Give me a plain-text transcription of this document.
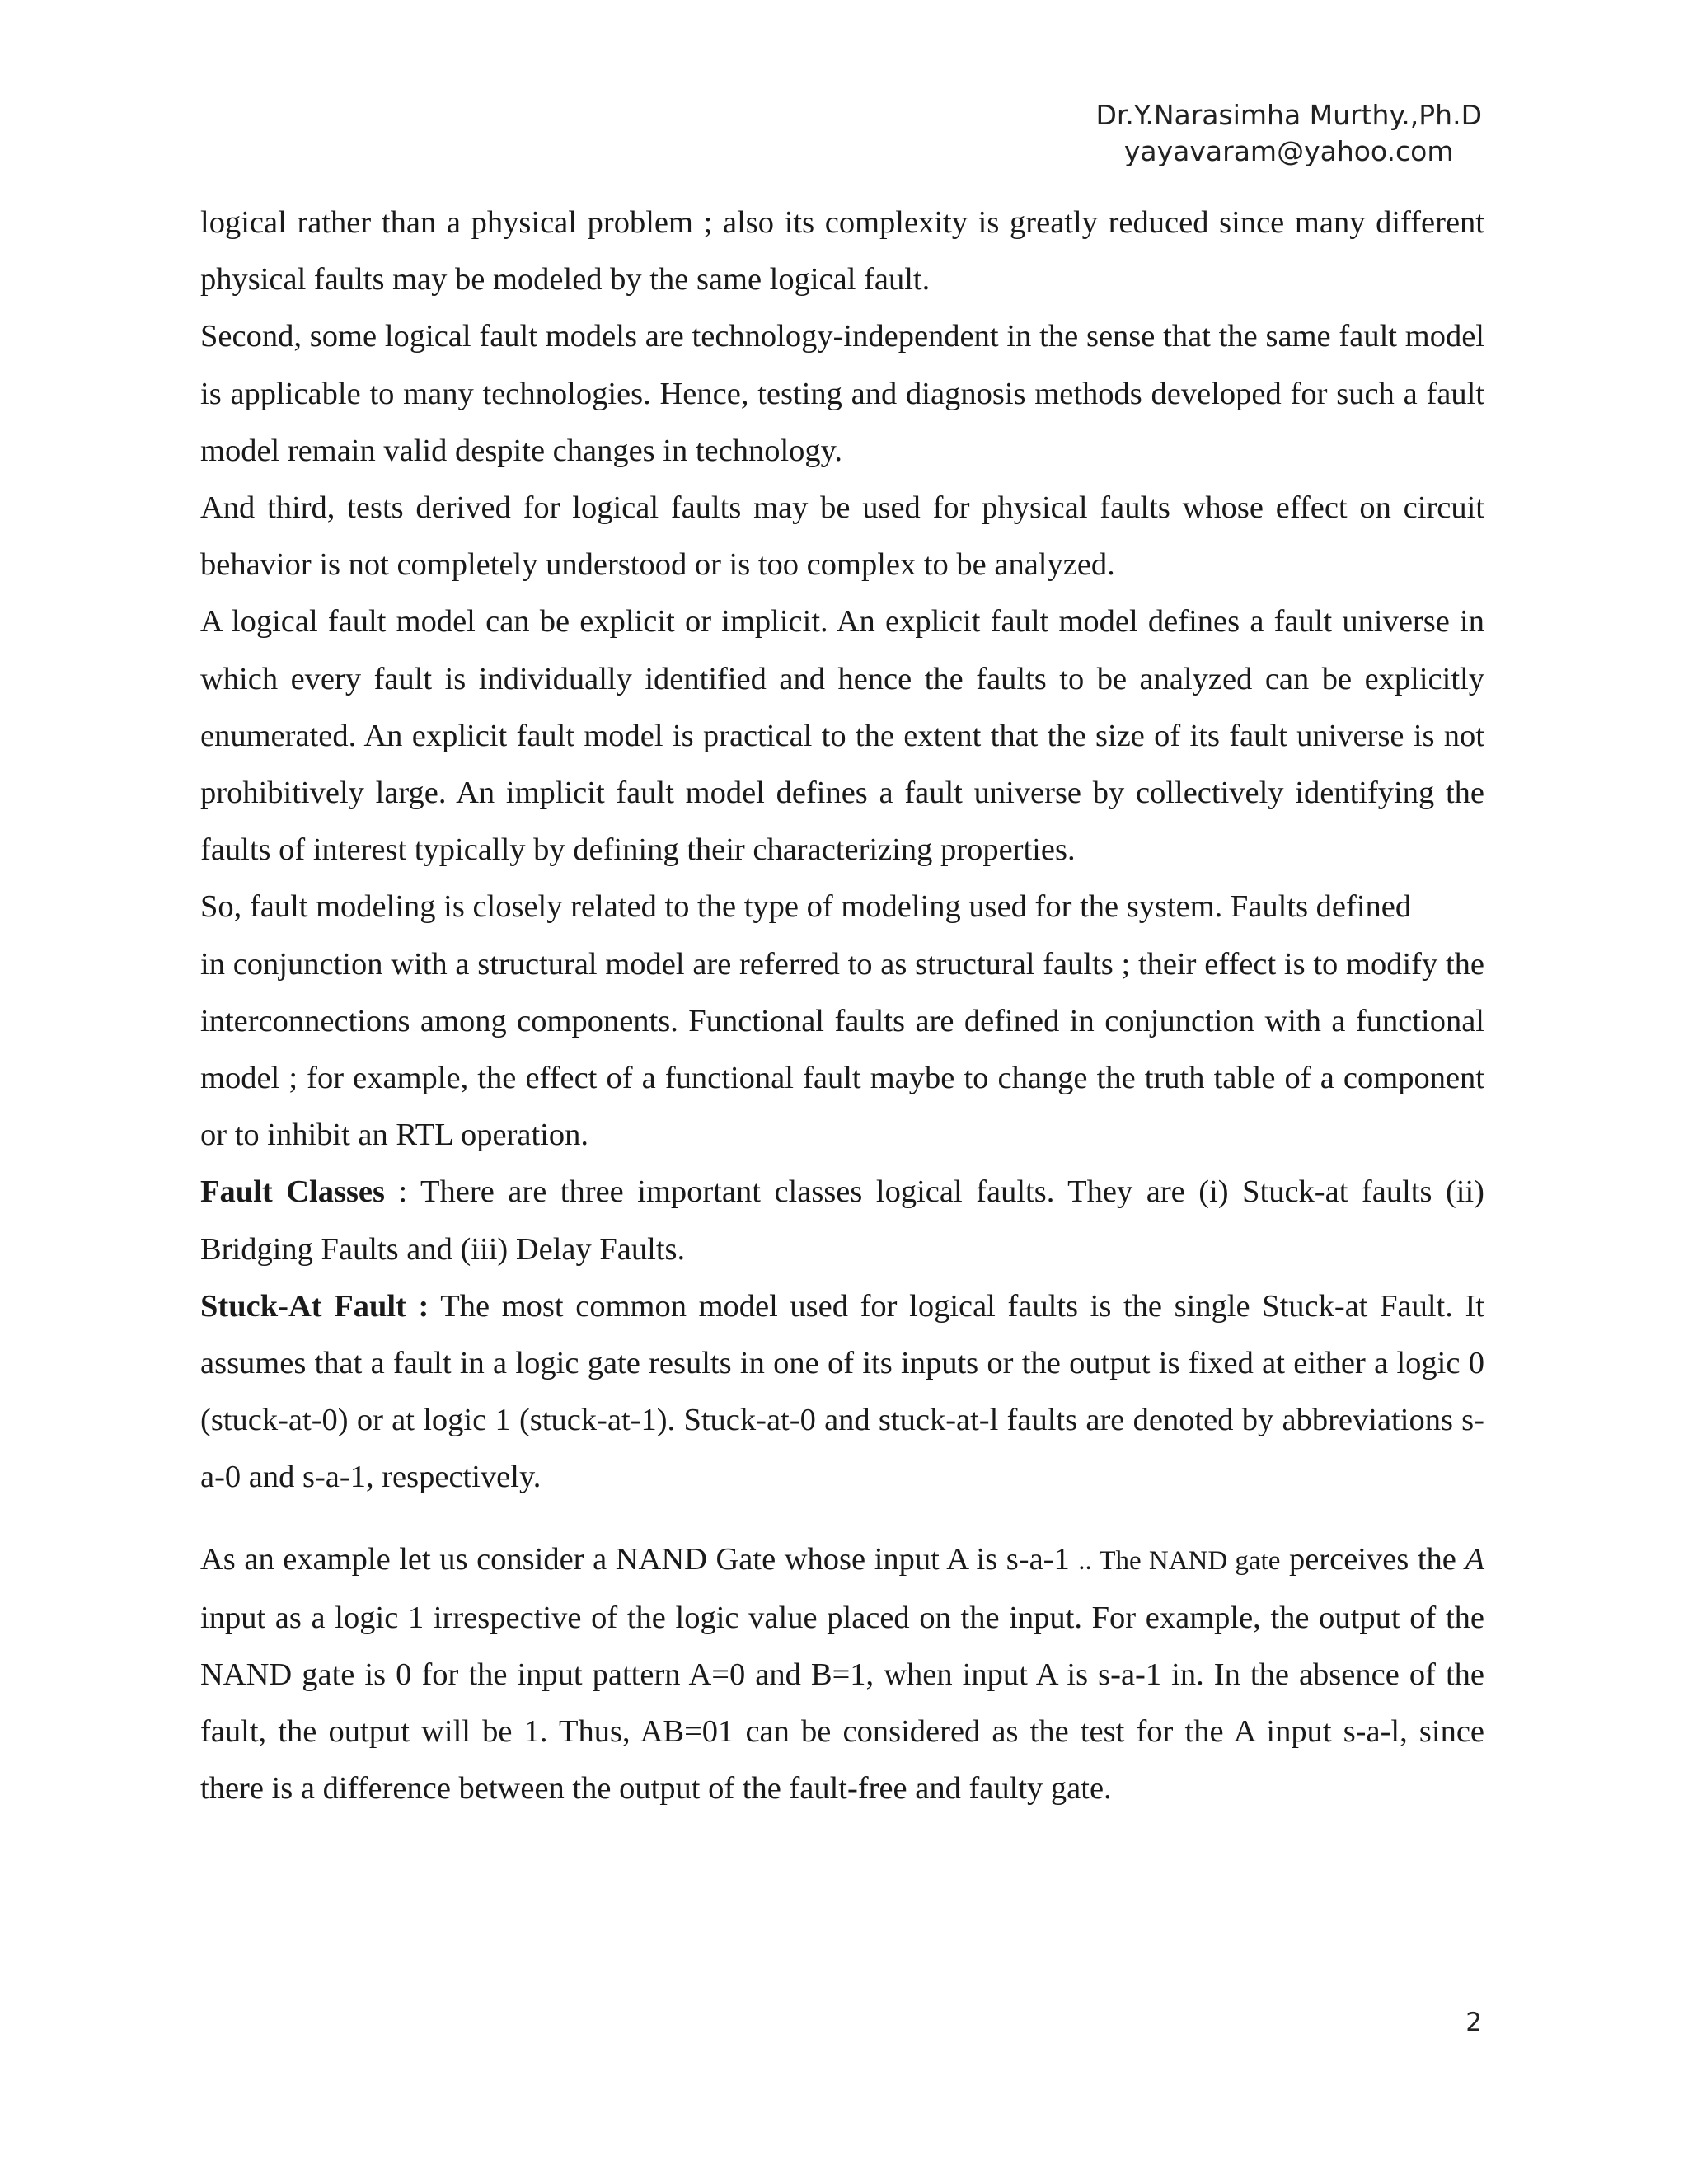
Dr.Y.Narasimha Murthy.,Ph.D
yayavaram@yahoo.com

logical rather than a physical problem ; also its complexity is greatly reduced since many different physical faults may be modeled by the same logical fault.

Second, some logical fault models are technology-independent in the sense that the same fault model is applicable to many technologies. Hence, testing and diagnosis methods developed for such a fault model remain valid despite changes in technology.

And third, tests derived for logical faults may be used for physical faults whose effect on circuit behavior is not completely understood or is too complex to be analyzed.

A logical fault model can be explicit or implicit. An explicit fault model defines a fault universe in which every fault is individually identified and hence the faults to be analyzed can be explicitly enumerated. An explicit fault model is practical to the extent that the size of its fault universe is not prohibitively large. An implicit fault model defines a fault universe by collectively identifying the faults of interest typically by defining their characterizing properties.

So, fault modeling is closely related to the type of modeling used for the system. Faults defined

in conjunction with a structural model are referred to as structural faults ; their effect is to modify the interconnections among components. Functional faults are defined in conjunction with a functional model ; for example, the effect of a functional fault maybe to change the truth table of a component or to inhibit an RTL operation.

Fault Classes : There are three important classes logical faults. They are (i) Stuck-at faults (ii) Bridging Faults and (iii) Delay Faults.

Stuck-At Fault : The most common model used for logical faults is the single Stuck-at Fault. It assumes that a fault in a logic gate results in one of its inputs or the output is fixed at either a logic 0 (stuck-at-0) or at logic 1 (stuck-at-1). Stuck-at-0 and stuck-at-l faults are denoted by abbreviations s-a-0 and s-a-1, respectively.

As an example let us consider a NAND Gate whose input A is s-a-1 .. The NAND gate perceives the A input as a logic 1 irrespective of the logic value placed on the input. For example, the output of the NAND gate is 0 for the input pattern A=0 and B=1, when input A is s-a-1 in. In the absence of the fault, the output will be 1. Thus, AB=01 can be considered as the test for the A input s-a-l, since there is a difference between the output of the fault-free and faulty gate.

2
